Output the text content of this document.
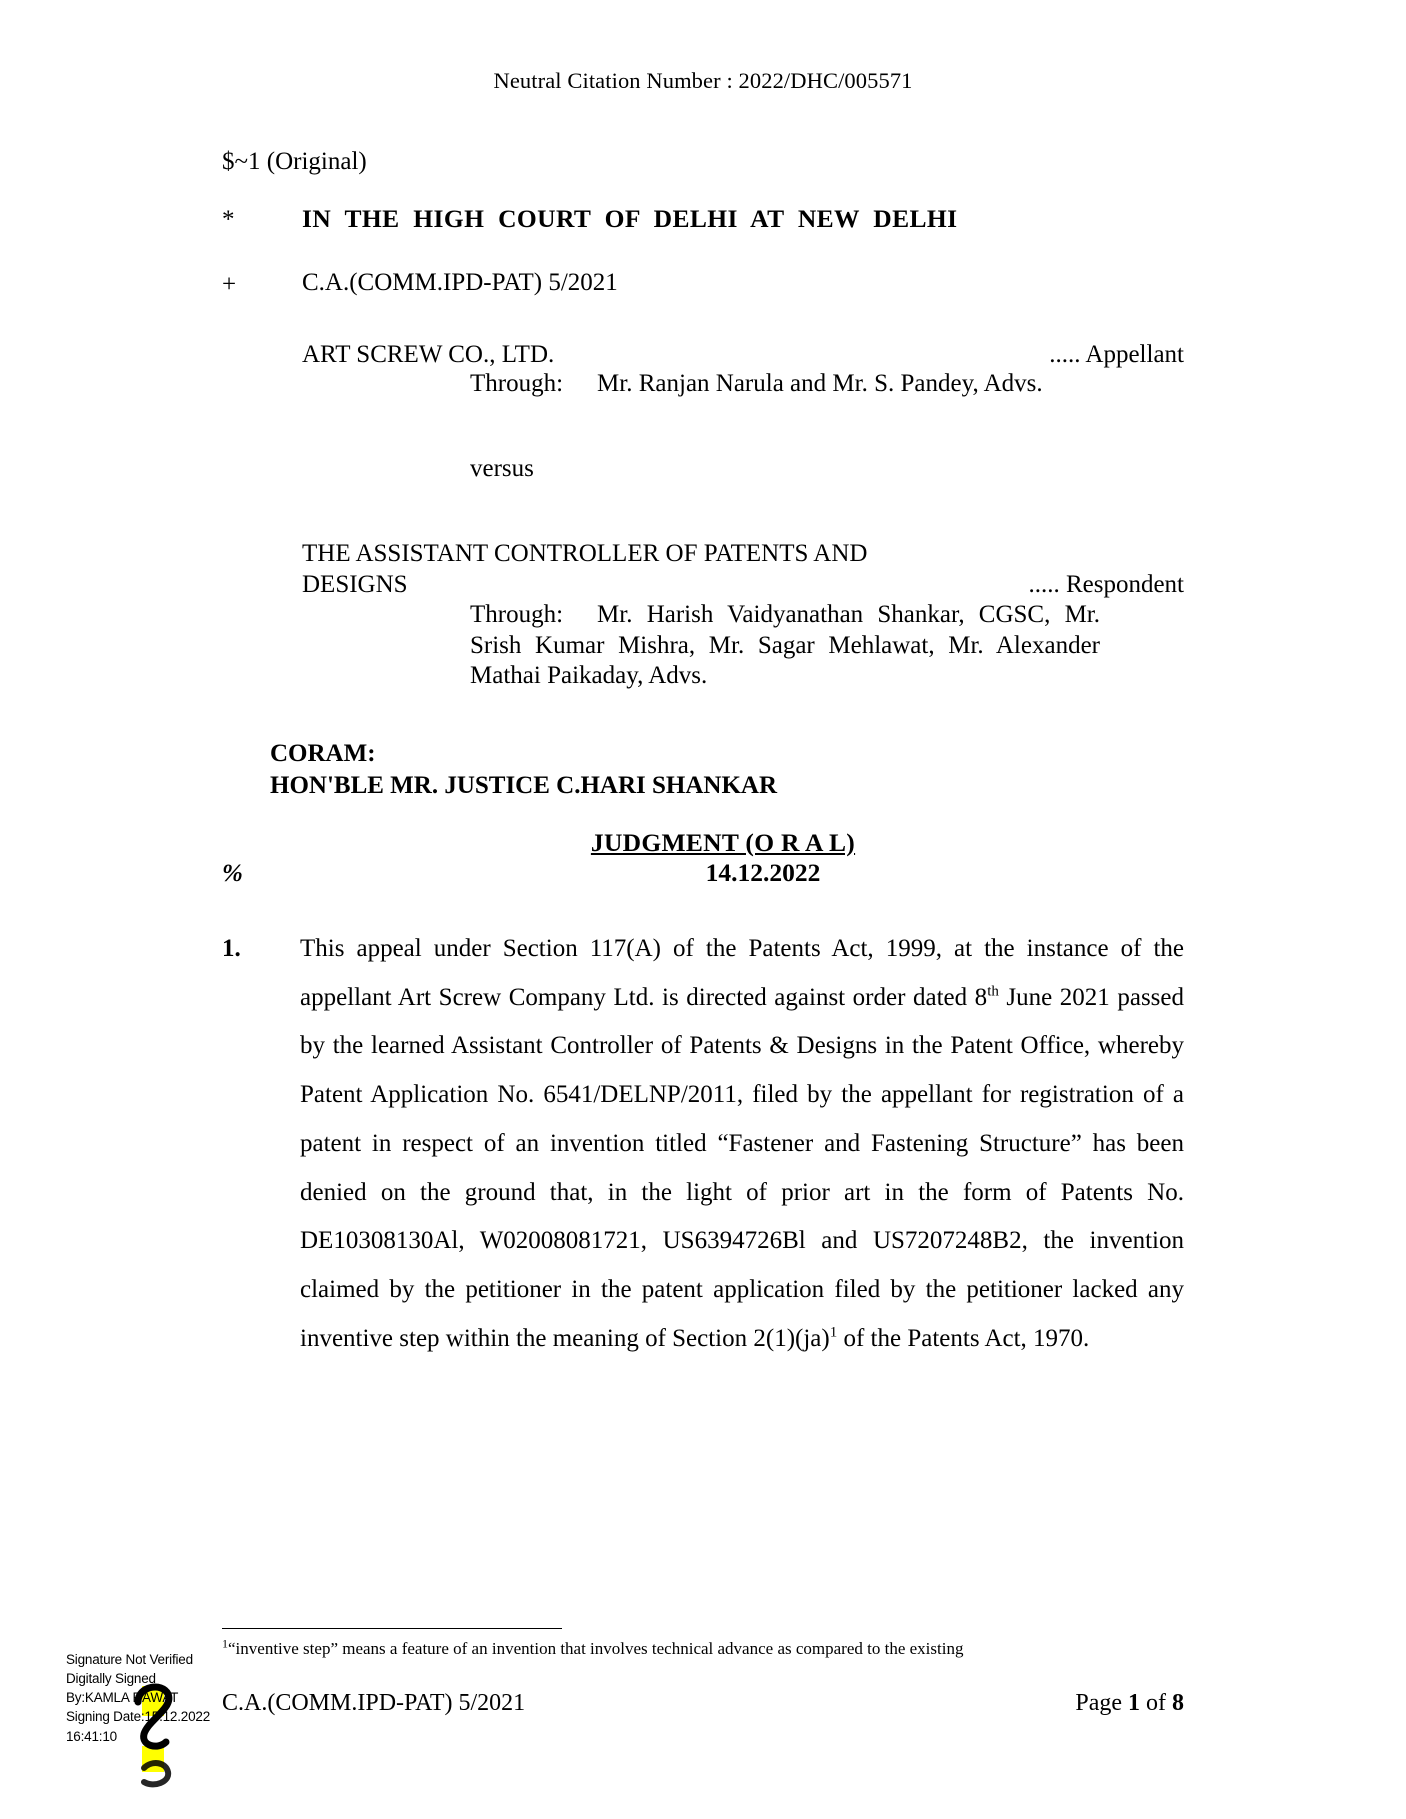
Neutral Citation Number : 2022/DHC/005571
$~1 (Original)
*	IN THE HIGH COURT OF DELHI AT NEW DELHI
+	C.A.(COMM.IPD-PAT) 5/2021
ART SCREW CO., LTD.	..... Appellant
Through: Mr. Ranjan Narula and Mr. S. Pandey, Advs.
versus
THE ASSISTANT CONTROLLER OF PATENTS AND
DESIGNS	..... Respondent
Through: Mr. Harish Vaidyanathan Shankar, CGSC, Mr. Srish Kumar Mishra, Mr. Sagar Mehlawat, Mr. Alexander Mathai Paikaday, Advs.
CORAM:
HON'BLE MR. JUSTICE C.HARI SHANKAR
JUDGMENT (O R A L)
%	14.12.2022
1.	This appeal under Section 117(A) of the Patents Act, 1999, at the instance of the appellant Art Screw Company Ltd. is directed against order dated 8th June 2021 passed by the learned Assistant Controller of Patents & Designs in the Patent Office, whereby Patent Application No. 6541/DELNP/2011, filed by the appellant for registration of a patent in respect of an invention titled “Fastener and Fastening Structure” has been denied on the ground that, in the light of prior art in the form of Patents No. DE10308130Al, W02008081721, US6394726Bl and US7207248B2, the invention claimed by the petitioner in the patent application filed by the petitioner lacked any inventive step within the meaning of Section 2(1)(ja)$^1$ of the Patents Act, 1970.
$^1$“inventive step” means a feature of an invention that involves technical advance as compared to the existing
C.A.(COMM.IPD-PAT) 5/2021	Page 1 of 8
Signature Not Verified
Digitally Signed
By:KAMLA RAWAT
Signing Date:15.12.2022
16:41:10
